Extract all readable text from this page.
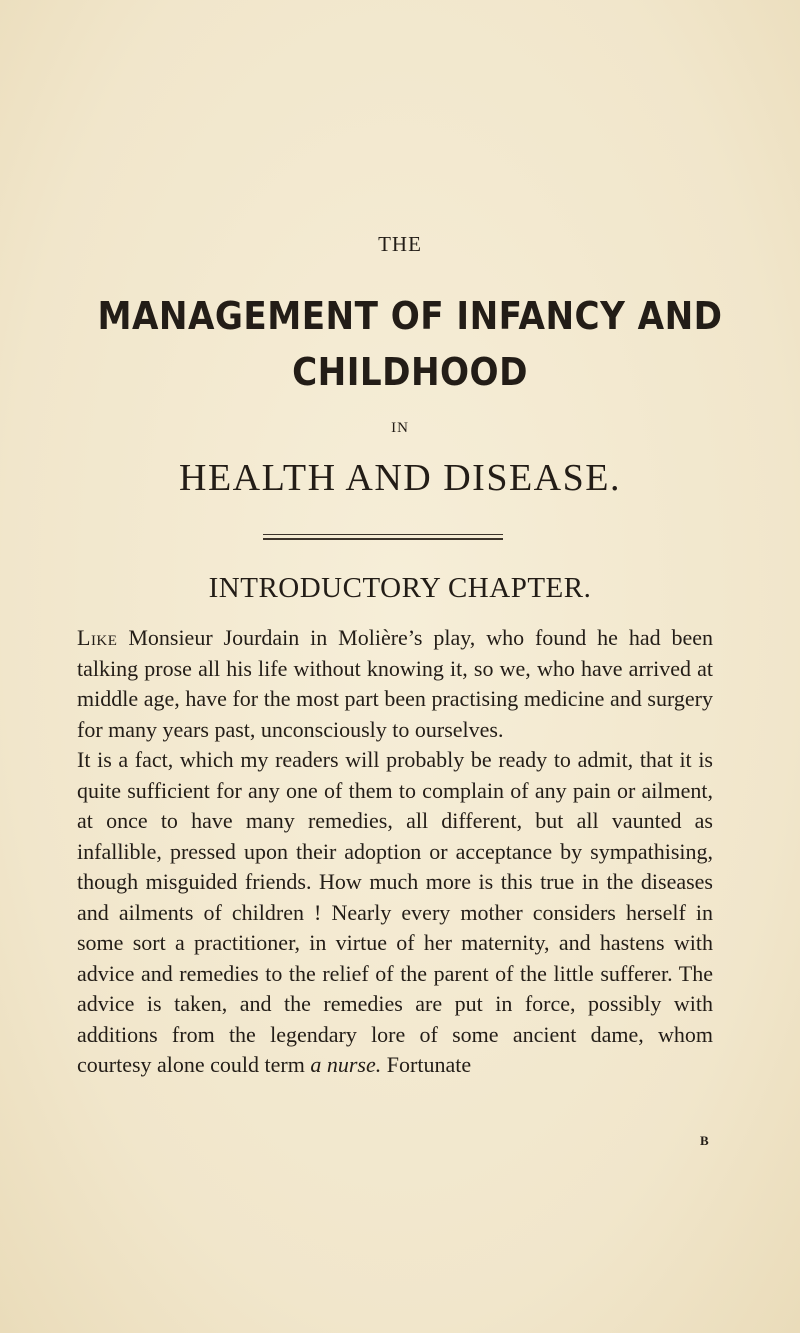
THE
MANAGEMENT OF INFANCY AND CHILDHOOD
IN
HEALTH AND DISEASE.
INTRODUCTORY CHAPTER.

Like Monsieur Jourdain in Molière’s play, who found he had been talking prose all his life without knowing it, so we, who have arrived at middle age, have for the most part been practising medicine and surgery for many years past, unconsciously to ourselves.

It is a fact, which my readers will probably be ready to admit, that it is quite sufficient for any one of them to complain of any pain or ailment, at once to have many remedies, all different, but all vaunted as infallible, pressed upon their adoption or acceptance by sympathising, though misguided friends. How much more is this true in the diseases and ailments of children ! Nearly every mother considers herself in some sort a practitioner, in virtue of her maternity, and hastens with advice and remedies to the relief of the parent of the little sufferer. The advice is taken, and the remedies are put in force, possibly with additions from the legendary lore of some ancient dame, whom courtesy alone could term a nurse. Fortunate

B
